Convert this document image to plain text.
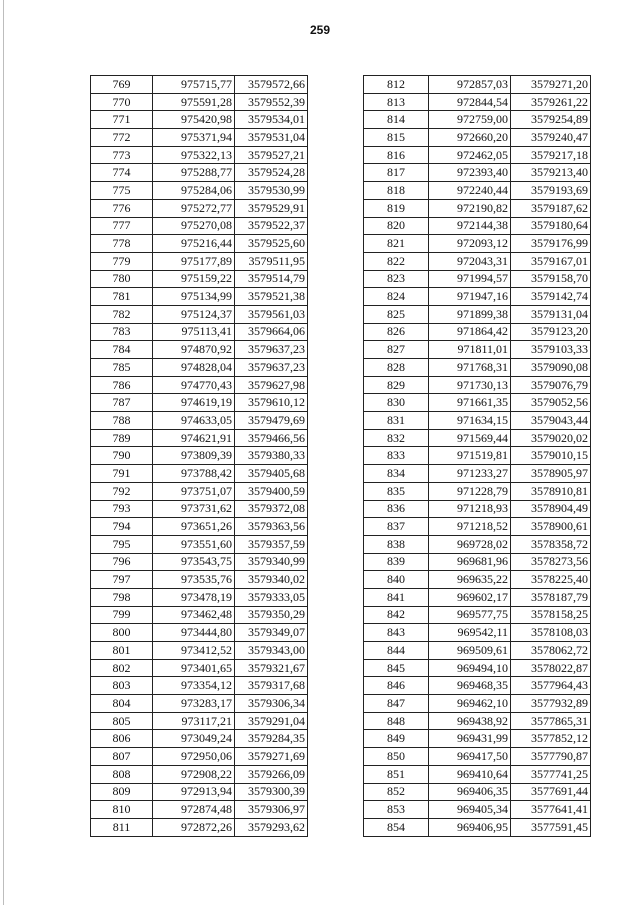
259
769	975715,77	3579572,66
770	975591,28	3579552,39
771	975420,98	3579534,01
772	975371,94	3579531,04
773	975322,13	3579527,21
774	975288,77	3579524,28
775	975284,06	3579530,99
776	975272,77	3579529,91
777	975270,08	3579522,37
778	975216,44	3579525,60
779	975177,89	3579511,95
780	975159,22	3579514,79
781	975134,99	3579521,38
782	975124,37	3579561,03
783	975113,41	3579664,06
784	974870,92	3579637,23
785	974828,04	3579637,23
786	974770,43	3579627,98
787	974619,19	3579610,12
788	974633,05	3579479,69
789	974621,91	3579466,56
790	973809,39	3579380,33
791	973788,42	3579405,68
792	973751,07	3579400,59
793	973731,62	3579372,08
794	973651,26	3579363,56
795	973551,60	3579357,59
796	973543,75	3579340,99
797	973535,76	3579340,02
798	973478,19	3579333,05
799	973462,48	3579350,29
800	973444,80	3579349,07
801	973412,52	3579343,00
802	973401,65	3579321,67
803	973354,12	3579317,68
804	973283,17	3579306,34
805	973117,21	3579291,04
806	973049,24	3579284,35
807	972950,06	3579271,69
808	972908,22	3579266,09
809	972913,94	3579300,39
810	972874,48	3579306,97
811	972872,26	3579293,62
812	972857,03	3579271,20
813	972844,54	3579261,22
814	972759,00	3579254,89
815	972660,20	3579240,47
816	972462,05	3579217,18
817	972393,40	3579213,40
818	972240,44	3579193,69
819	972190,82	3579187,62
820	972144,38	3579180,64
821	972093,12	3579176,99
822	972043,31	3579167,01
823	971994,57	3579158,70
824	971947,16	3579142,74
825	971899,38	3579131,04
826	971864,42	3579123,20
827	971811,01	3579103,33
828	971768,31	3579090,08
829	971730,13	3579076,79
830	971661,35	3579052,56
831	971634,15	3579043,44
832	971569,44	3579020,02
833	971519,81	3579010,15
834	971233,27	3578905,97
835	971228,79	3578910,81
836	971218,93	3578904,49
837	971218,52	3578900,61
838	969728,02	3578358,72
839	969681,96	3578273,56
840	969635,22	3578225,40
841	969602,17	3578187,79
842	969577,75	3578158,25
843	969542,11	3578108,03
844	969509,61	3578062,72
845	969494,10	3578022,87
846	969468,35	3577964,43
847	969462,10	3577932,89
848	969438,92	3577865,31
849	969431,99	3577852,12
850	969417,50	3577790,87
851	969410,64	3577741,25
852	969406,35	3577691,44
853	969405,34	3577641,41
854	969406,95	3577591,45
